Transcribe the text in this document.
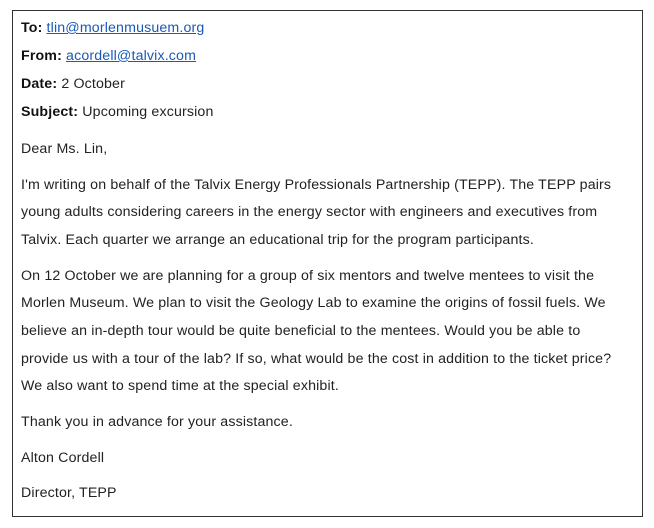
To: tlin@morlenmusuem.org
From: acordell@talvix.com
Date: 2 October
Subject: Upcoming excursion
Dear Ms. Lin,
I'm writing on behalf of the Talvix Energy Professionals Partnership (TEPP). The TEPP pairs
young adults considering careers in the energy sector with engineers and executives from
Talvix. Each quarter we arrange an educational trip for the program participants.
On 12 October we are planning for a group of six mentors and twelve mentees to visit the
Morlen Museum. We plan to visit the Geology Lab to examine the origins of fossil fuels. We
believe an in-depth tour would be quite beneficial to the mentees. Would you be able to
provide us with a tour of the lab? If so, what would be the cost in addition to the ticket price?
We also want to spend time at the special exhibit.
Thank you in advance for your assistance.
Alton Cordell
Director, TEPP
